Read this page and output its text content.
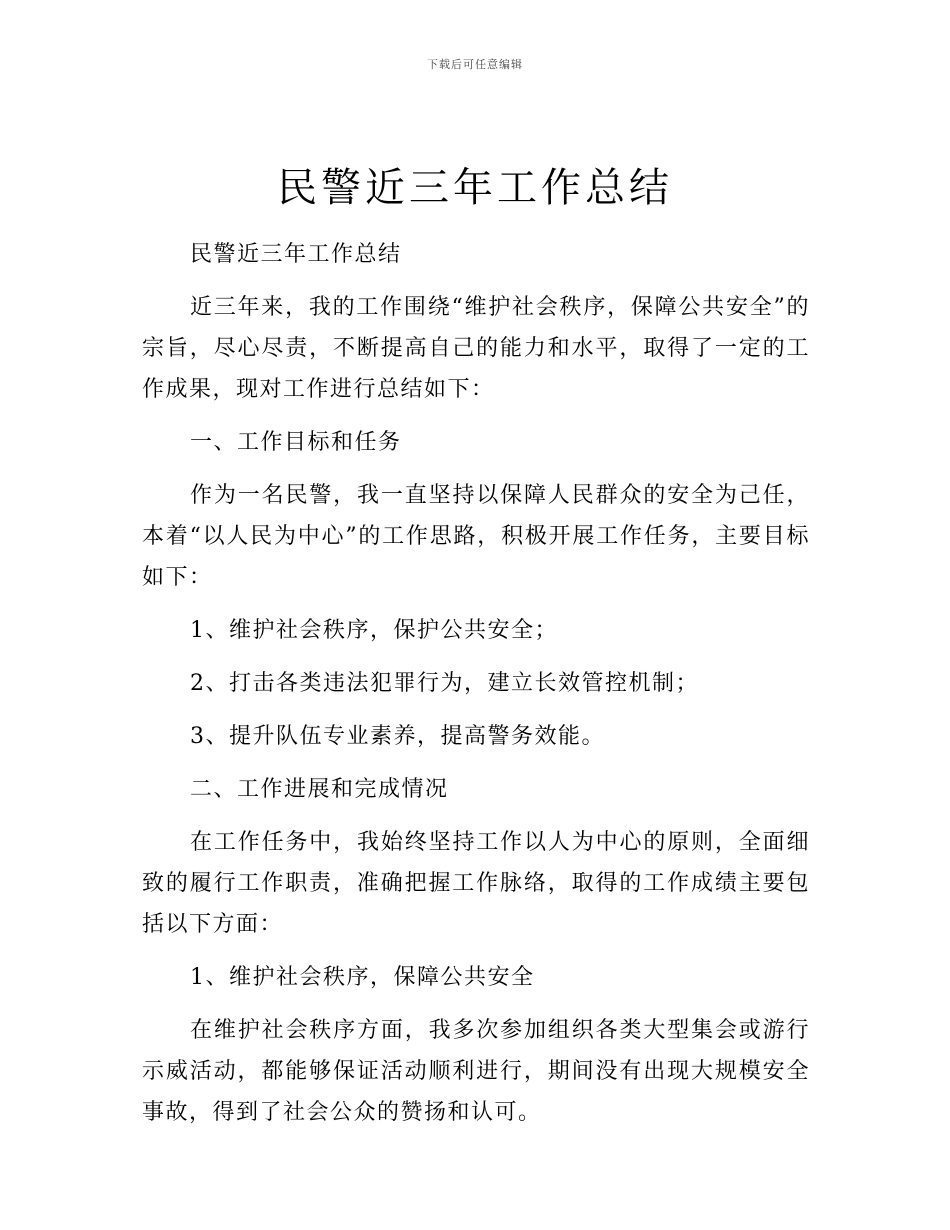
下载后可任意编辑
民警近三年工作总结

民警近三年工作总结

近三年来，我的工作围绕“维护社会秩序，保障公共安全”的宗旨，尽心尽责，不断提高自己的能力和水平，取得了一定的工作成果，现对工作进行总结如下：

一、工作目标和任务

作为一名民警，我一直坚持以保障人民群众的安全为己任，本着“以人民为中心”的工作思路，积极开展工作任务，主要目标如下：

1、维护社会秩序，保护公共安全；

2、打击各类违法犯罪行为，建立长效管控机制；

3、提升队伍专业素养，提高警务效能。

二、工作进展和完成情况

在工作任务中，我始终坚持工作以人为中心的原则，全面细致的履行工作职责，准确把握工作脉络，取得的工作成绩主要包括以下方面：

1、维护社会秩序，保障公共安全

在维护社会秩序方面，我多次参加组织各类大型集会或游行示威活动，都能够保证活动顺利进行，期间没有出现大规模安全事故，得到了社会公众的赞扬和认可。
